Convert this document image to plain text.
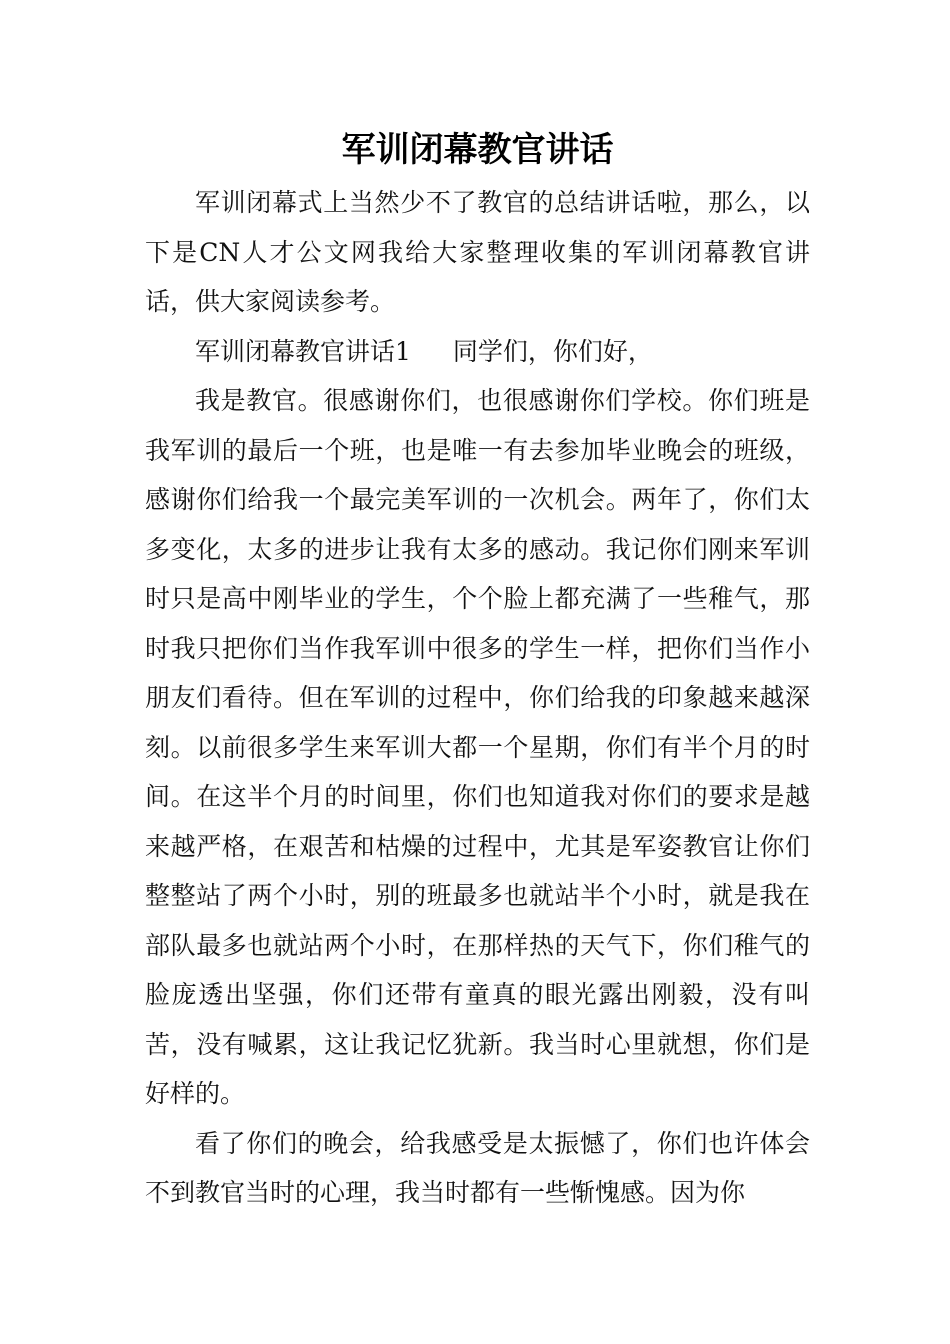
军训闭幕教官讲话

军训闭幕式上当然少不了教官的总结讲话啦，那么，以下是CN人才公文网我给大家整理收集的军训闭幕教官讲话，供大家阅读参考。

军训闭幕教官讲话1 同学们，你们好，

我是教官。很感谢你们，也很感谢你们学校。你们班是我军训的最后一个班，也是唯一有去参加毕业晚会的班级，感谢你们给我一个最完美军训的一次机会。两年了，你们太多变化，太多的进步让我有太多的感动。我记你们刚来军训时只是高中刚毕业的学生，个个脸上都充满了一些稚气，那时我只把你们当作我军训中很多的学生一样，把你们当作小朋友们看待。但在军训的过程中，你们给我的印象越来越深刻。以前很多学生来军训大都一个星期，你们有半个月的时间。在这半个月的时间里，你们也知道我对你们的要求是越来越严格，在艰苦和枯燥的过程中，尤其是军姿教官让你们整整站了两个小时，别的班最多也就站半个小时，就是我在部队最多也就站两个小时，在那样热的天气下，你们稚气的脸庞透出坚强，你们还带有童真的眼光露出刚毅，没有叫苦，没有喊累，这让我记忆犹新。我当时心里就想，你们是好样的。

看了你们的晚会，给我感受是太振憾了，你们也许体会不到教官当时的心理，我当时都有一些惭愧感。因为你
